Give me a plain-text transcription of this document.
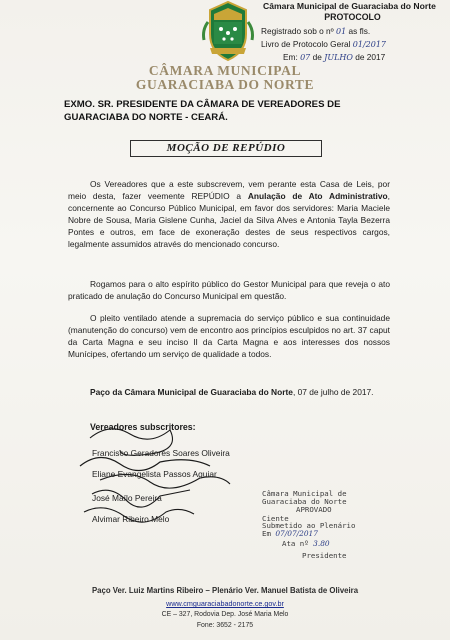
CÂMARA MUNICIPAL
GUARACIABA DO NORTE
Câmara Municipal de Guaraciaba do Norte
PROTOCOLO
Registrado sob o nº 01 as fls.
Livro de Protocolo Geral 01/2017
Em: 07 de JULHO de 2017
EXMO. SR. PRESIDENTE DA CÂMARA DE VEREADORES DE GUARACIABA DO NORTE - CEARÁ.
MOÇÃO DE REPÚDIO
Os Vereadores que a este subscrevem, vem perante esta Casa de Leis, por meio desta, fazer veemente REPÚDIO a Anulação de Ato Administrativo, concernente ao Concurso Público Municipal, em favor dos servidores: Maria Maciele Nobre de Sousa, Maria Gislene Cunha, Jaciel da Silva Alves e Antonia Tayla Bezerra Pontes e outros, em face de exoneração destes de seus respectivos cargos, legalmente assumidos através do mencionado concurso.
Rogamos para o alto espírito público do Gestor Municipal para que reveja o ato praticado de anulação do Concurso Municipal em questão.
O pleito ventilado atende a supremacia do serviço público e sua continuidade (manutenção do concurso) vem de encontro aos princípios esculpidos no art. 37 caput da Carta Magna e seu inciso II da Carta Magna e aos interesses dos nossos Munícipes, ofertando um serviço de qualidade a todos.
Paço da Câmara Municipal de Guaraciaba do Norte, 07 de julho de 2017.
Vereadores subscritores:
Francisco Geradores Soares Oliveira
Eliane Evangelista Passos Aguiar
José Maílo Pereira
Alvimar Ribeiro Melo
Câmara Municipal de
Guaraciaba do Norte
APROVADO
Ciente
Submetido ao Plenário
Em 07/07/2017
Ata nº 3.80
Presidente
Paço Ver. Luiz Martins Ribeiro – Plenário Ver. Manuel Batista de Oliveira
www.cmguaraciabadonorte.ce.gov.br
CE – 327, Rodovia Dep. José Maria Melo
Fone: 3652 - 2175
